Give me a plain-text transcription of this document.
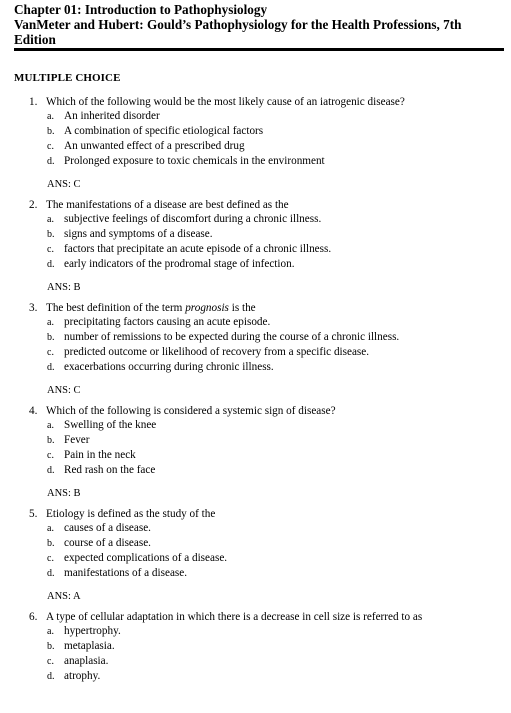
Chapter 01: Introduction to Pathophysiology
VanMeter and Hubert: Gould’s Pathophysiology for the Health Professions, 7th
Edition
MULTIPLE CHOICE
1. Which of the following would be the most likely cause of an iatrogenic disease?
a. An inherited disorder
b. A combination of specific etiological factors
c. An unwanted effect of a prescribed drug
d. Prolonged exposure to toxic chemicals in the environment
ANS: C
2. The manifestations of a disease are best defined as the
a. subjective feelings of discomfort during a chronic illness.
b. signs and symptoms of a disease.
c. factors that precipitate an acute episode of a chronic illness.
d. early indicators of the prodromal stage of infection.
ANS: B
3. The best definition of the term prognosis is the
a. precipitating factors causing an acute episode.
b. number of remissions to be expected during the course of a chronic illness.
c. predicted outcome or likelihood of recovery from a specific disease.
d. exacerbations occurring during chronic illness.
ANS: C
4. Which of the following is considered a systemic sign of disease?
a. Swelling of the knee
b. Fever
c. Pain in the neck
d. Red rash on the face
ANS: B
5. Etiology is defined as the study of the
a. causes of a disease.
b. course of a disease.
c. expected complications of a disease.
d. manifestations of a disease.
ANS: A
6. A type of cellular adaptation in which there is a decrease in cell size is referred to as
a. hypertrophy.
b. metaplasia.
c. anaplasia.
d. atrophy.
